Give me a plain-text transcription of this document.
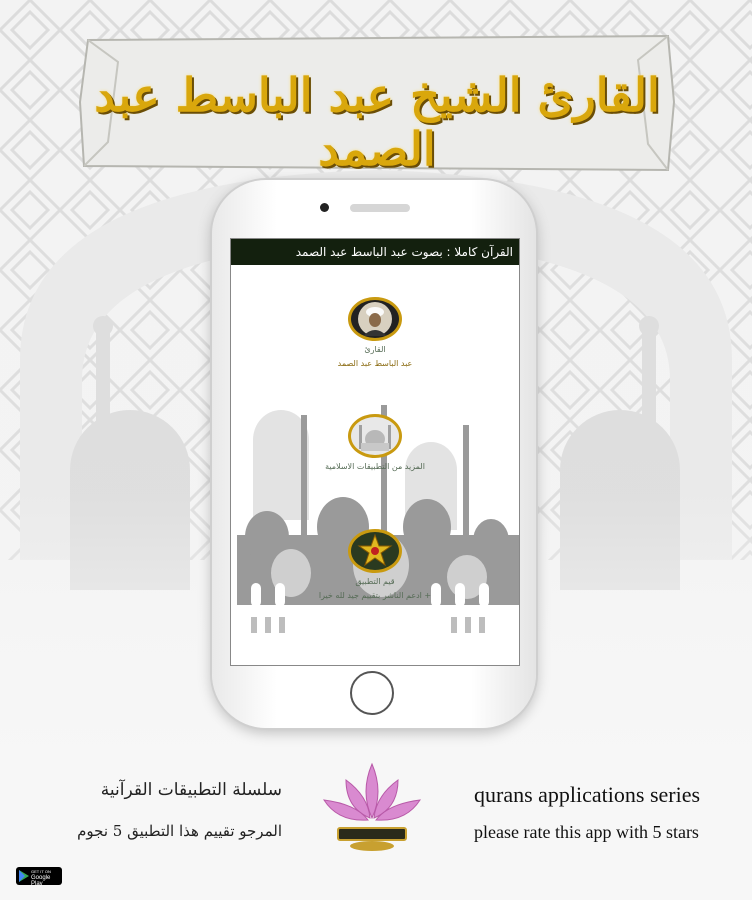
القارئ الشيخ عبد الباسط عبد الصمد
القرآن كاملا : بصوت عبد الباسط عبد الصمد
القارئ
عبد الباسط عبد الصمد
المزيد من التطبيقات الاسلامية
قيم التطبيق
+ ادعم الناشر بتقييم جيد لله خيرا
سلسلة التطبيقات القرآنية
المرجو تقييم هذا التطبيق 5 نجوم
qurans applications series
please rate this app with 5 stars
GET IT ON
Google Play
